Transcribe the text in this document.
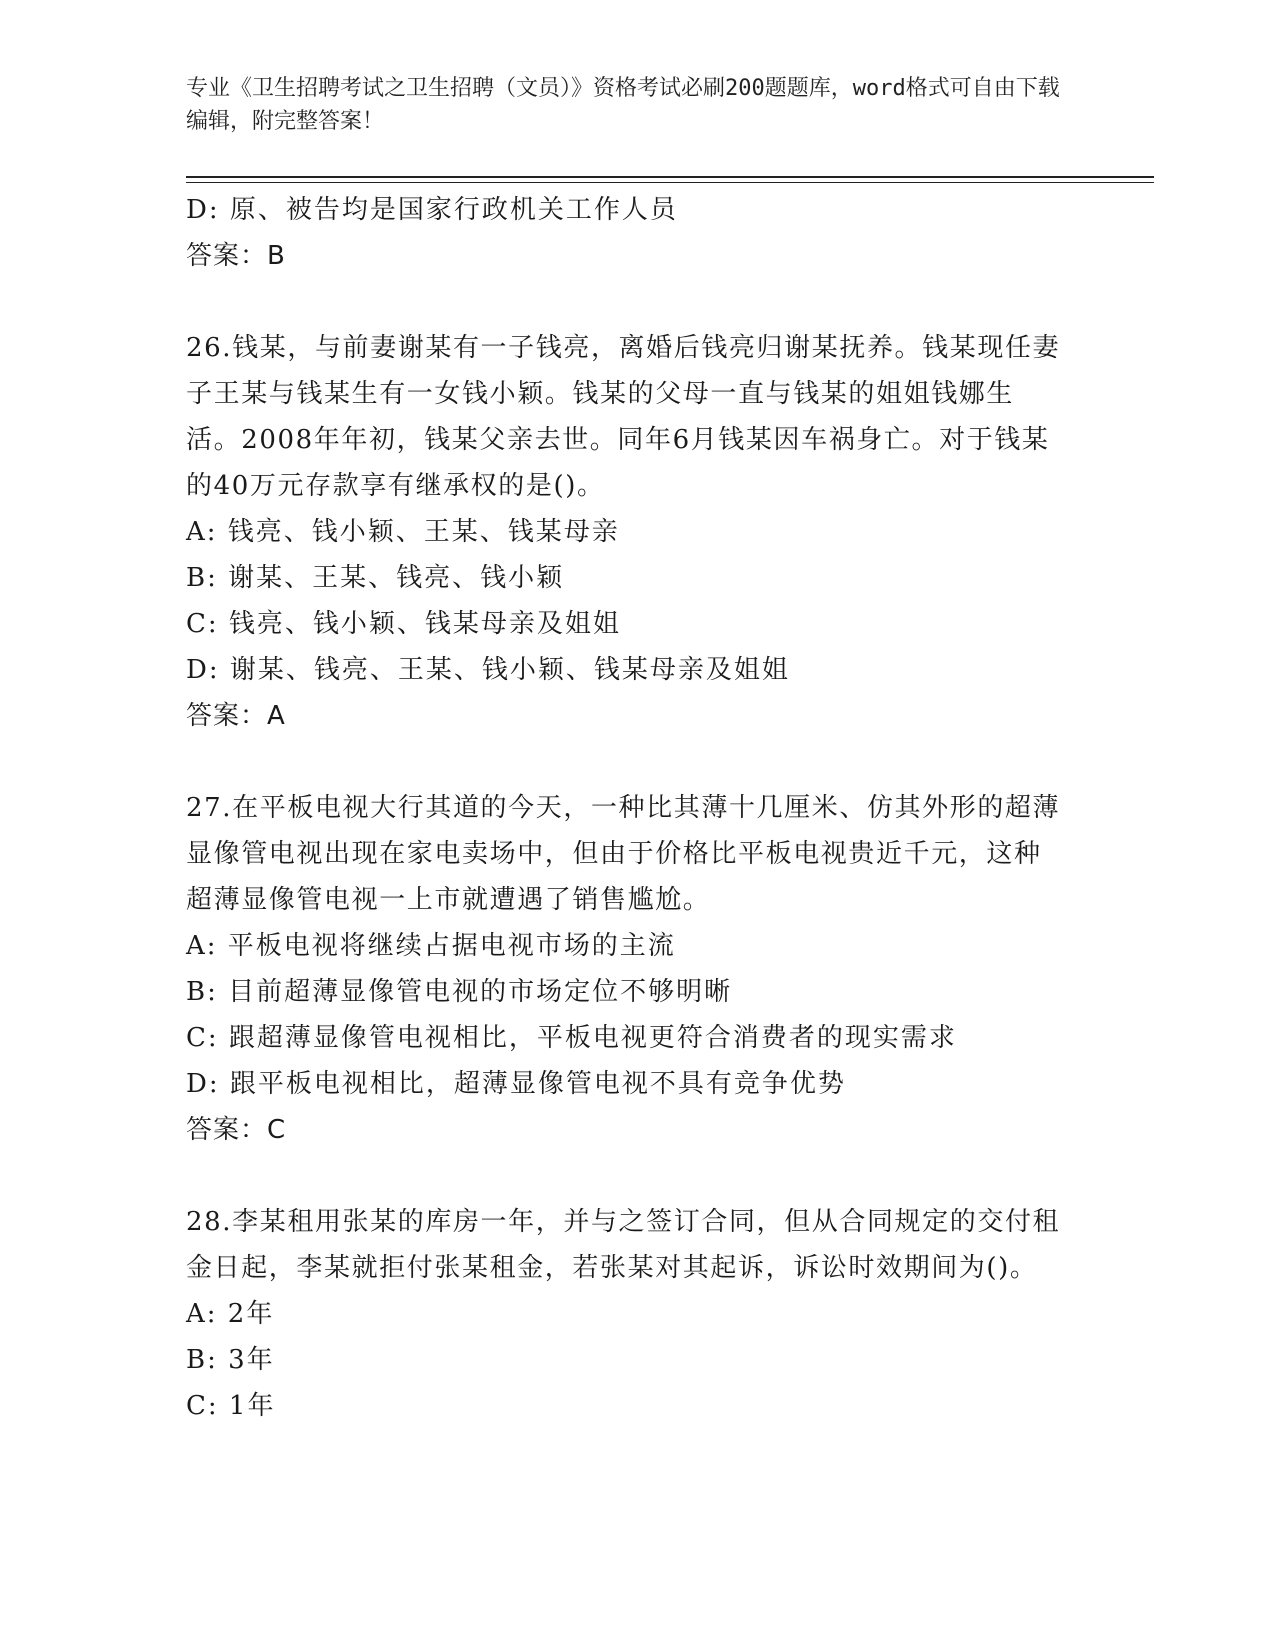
专业《卫生招聘考试之卫生招聘（文员）》资格考试必刷200题题库，word格式可自由下载编辑，附完整答案！
D: 原、被告均是国家行政机关工作人员
答案：B
26.钱某，与前妻谢某有一子钱亮，离婚后钱亮归谢某抚养。钱某现任妻子王某与钱某生有一女钱小颖。钱某的父母一直与钱某的姐姐钱娜生活。2008年年初，钱某父亲去世。同年6月钱某因车祸身亡。对于钱某的40万元存款享有继承权的是()。
A: 钱亮、钱小颖、王某、钱某母亲
B: 谢某、王某、钱亮、钱小颖
C: 钱亮、钱小颖、钱某母亲及姐姐
D: 谢某、钱亮、王某、钱小颖、钱某母亲及姐姐
答案：A
27.在平板电视大行其道的今天，一种比其薄十几厘米、仿其外形的超薄显像管电视出现在家电卖场中，但由于价格比平板电视贵近千元，这种超薄显像管电视一上市就遭遇了销售尴尬。
A: 平板电视将继续占据电视市场的主流
B: 目前超薄显像管电视的市场定位不够明晰
C: 跟超薄显像管电视相比，平板电视更符合消费者的现实需求
D: 跟平板电视相比，超薄显像管电视不具有竞争优势
答案：C
28.李某租用张某的库房一年，并与之签订合同，但从合同规定的交付租金日起，李某就拒付张某租金，若张某对其起诉，诉讼时效期间为()。
A: 2年
B: 3年
C: 1年
